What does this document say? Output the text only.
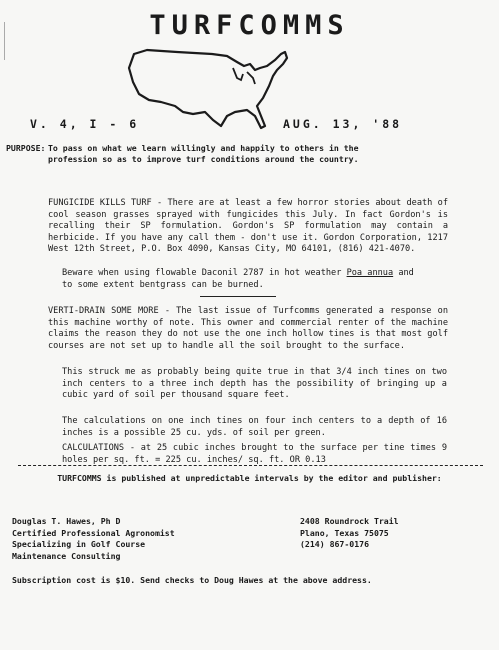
TURFCOMMS
V. 4, I - 6	AUG. 13, '88
PURPOSE: To pass on what we learn willingly and happily to others in the profession so as to improve turf conditions around the country.
FUNGICIDE KILLS TURF - There are at least a few horror stories about death of cool season grasses sprayed with fungicides this July. In fact Gordon's is recalling their SP formulation. Gordon's SP formulation may contain a herbicide. If you have any call them - don't use it. Gordon Corporation, 1217 West 12th Street, P.O. Box 4090, Kansas City, MO 64101, (816) 421-4070.
Beware when using flowable Daconil 2787 in hot weather Poa annua and to some extent bentgrass can be burned.
VERTI-DRAIN SOME MORE - The last issue of Turfcomms generated a response on this machine worthy of note. This owner and commercial renter of the machine claims the reason they do not use the one inch hollow tines is that most golf courses are not set up to handle all the soil brought to the surface.
This struck me as probably being quite true in that 3/4 inch tines on two inch centers to a three inch depth has the possibility of bringing up a cubic yard of soil per thousand square feet.
The calculations on one inch tines on four inch centers to a depth of 16 inches is a possible 25 cu. yds. of soil per green.
CALCULATIONS - at 25 cubic inches brought to the surface per tine times 9 holes per sq. ft. = 225 cu. inches/ sq. ft. OR 0.13
TURFCOMMS is published at unpredictable intervals by the editor and publisher:
Douglas T. Hawes, Ph D
Certified Professional Agronomist
Specializing in Golf Course
Maintenance Consulting
2408 Roundrock Trail
Plano, Texas 75075
(214) 867-0176
Subscription cost is $10. Send checks to Doug Hawes at the above address.
